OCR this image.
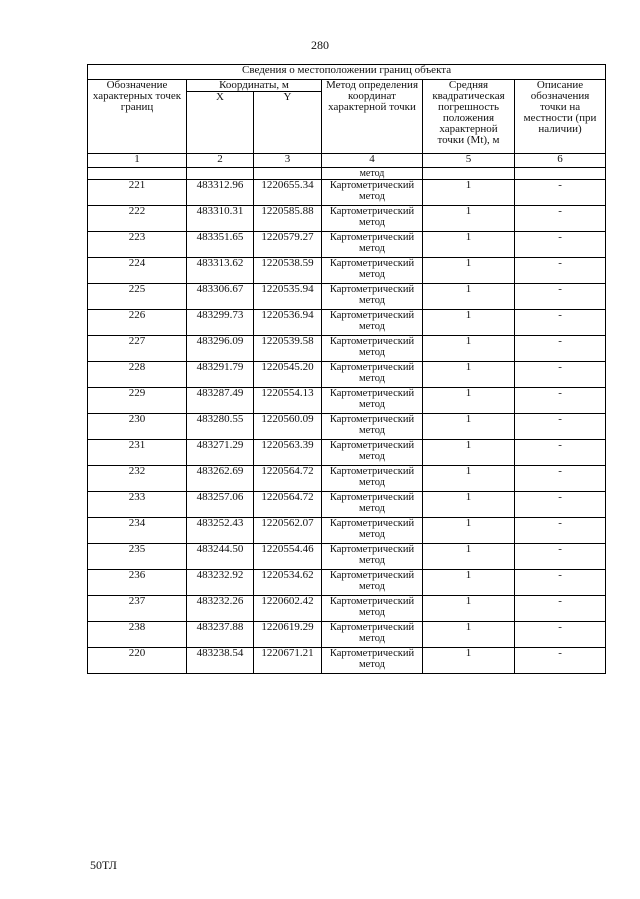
280
Сведения о местоположении границ объекта					
Обозначение характерных точек границ	Координаты, м		Метод определения координат характерной точки	Средняя квадратическая погрешность положения характерной точки (Mt), м	Описание обозначения точки на местности (при наличии)
	X	Y			
1	2	3	4	5	6
			метод		
221	483312.96	1220655.34	Картометрический метод	1	-
222	483310.31	1220585.88	Картометрический метод	1	-
223	483351.65	1220579.27	Картометрический метод	1	-
224	483313.62	1220538.59	Картометрический метод	1	-
225	483306.67	1220535.94	Картометрический метод	1	-
226	483299.73	1220536.94	Картометрический метод	1	-
227	483296.09	1220539.58	Картометрический метод	1	-
228	483291.79	1220545.20	Картометрический метод	1	-
229	483287.49	1220554.13	Картометрический метод	1	-
230	483280.55	1220560.09	Картометрический метод	1	-
231	483271.29	1220563.39	Картометрический метод	1	-
232	483262.69	1220564.72	Картометрический метод	1	-
233	483257.06	1220564.72	Картометрический метод	1	-
234	483252.43	1220562.07	Картометрический метод	1	-
235	483244.50	1220554.46	Картометрический метод	1	-
236	483232.92	1220534.62	Картометрический метод	1	-
237	483232.26	1220602.42	Картометрический метод	1	-
238	483237.88	1220619.29	Картометрический метод	1	-
220	483238.54	1220671.21	Картометрический метод	1	-
50ТЛ
